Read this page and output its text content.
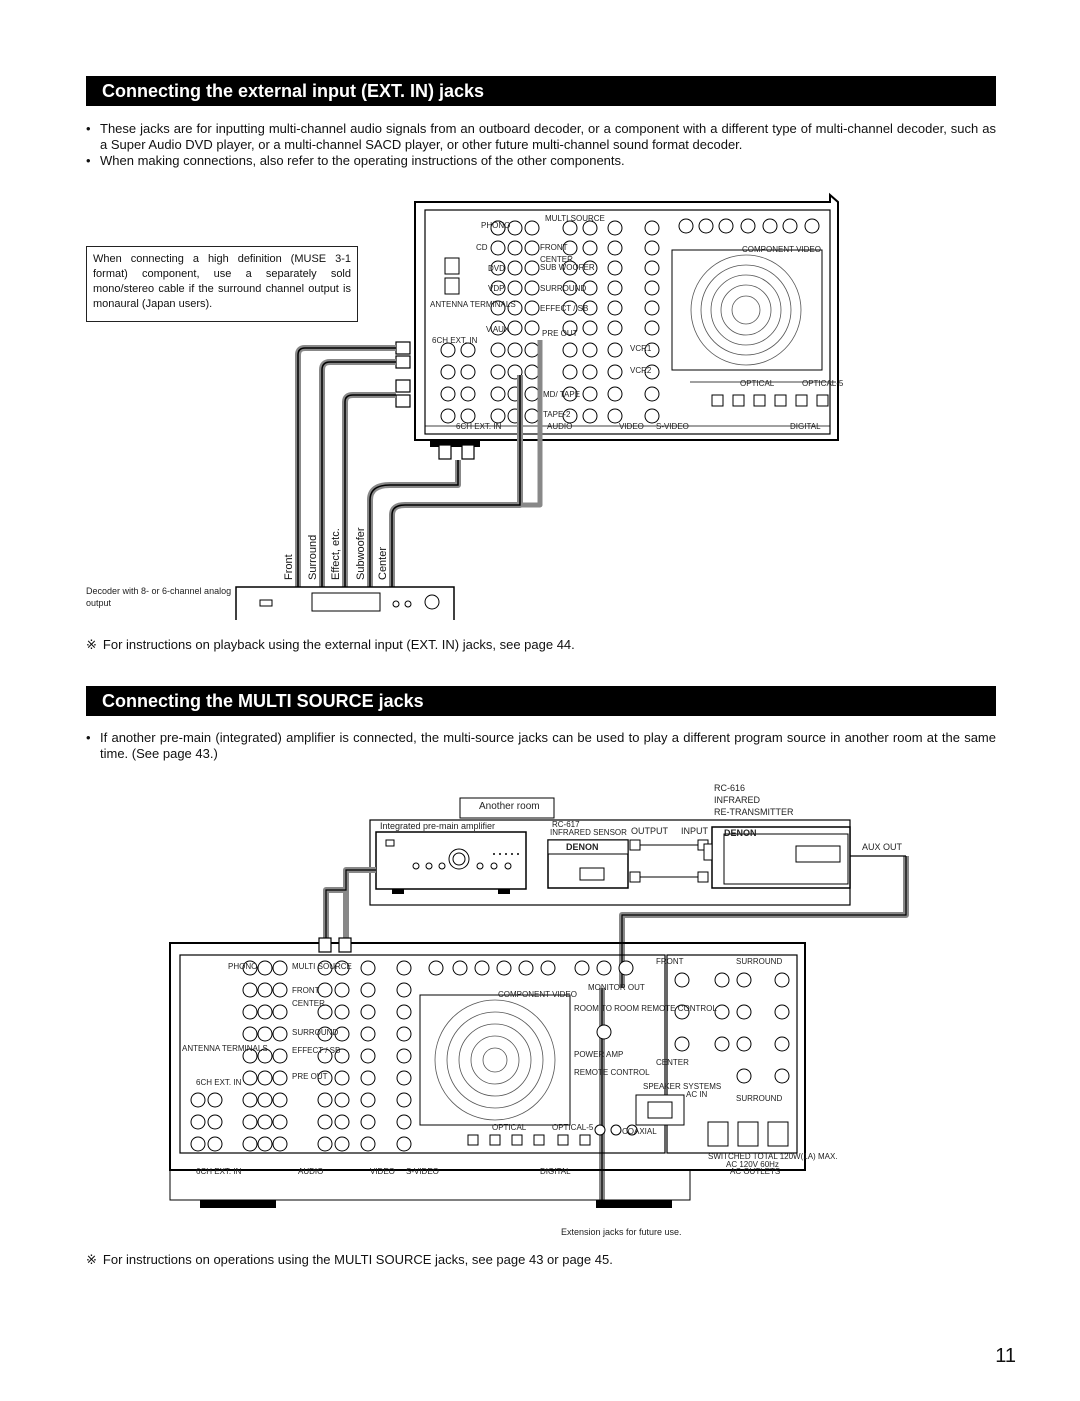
Connecting the external input (EXT. IN) jacks
• These jacks are for inputting multi-channel audio signals from an outboard decoder, or a component with a different type of multi-channel decoder, such as a Super Audio DVD player, or a multi-channel SACD player, or other future multi-channel sound format decoder.
• When making connections, also refer to the operating instructions of the other components.
When connecting a high definition (MUSE 3-1 format) component, use a separately sold mono/stereo cable if the surround channel output is monaural (Japan users).
PHONO
MULTI SOURCE
FRONT
CD
CENTER
SUB WOOFER
DVD
VDP	SURROUND
ANTENNA TERMINALS	EFFECT / SB
V.AUX	PRE OUT
6CH EXT. IN
6CH EXT. IN	AUDIO	VIDEO S-VIDEO	DIGITAL
COMPONENT VIDEO
OPTICAL	OPTICAL-5
VCR1
VCR2
MD/ TAPE
TAPE-2
Front Surround Effect, etc. Subwoofer Center
Decoder with 8- or 6-channel analog output
※ For instructions on playback using the external input (EXT. IN) jacks, see page 44.
Connecting the MULTI SOURCE jacks
• If another pre-main (integrated) amplifier is connected, the multi-source jacks can be used to play a different program source in another room at the same time. (See page 43.)
Another room
Integrated pre-main amplifier	RC-617
INFRARED SENSOR OUTPUT INPUT
RC-616
INFRARED
RE-TRANSMITTER
AUX OUT
DENON
DENON
PHONO	MULTI SOURCE
FRONT
CENTER
SURROUND
ANTENNA TERMINALS	EFFECT / SB
PRE OUT
6CH EXT. IN
6CH EXT. IN	AUDIO	VIDEO S-VIDEO	DIGITAL
COMPONENT VIDEO
MONITOR OUT
ROOM TO ROOM REMOTE CONTROL
POWER AMP
REMOTE CONTROL
OPTICAL	OPTICAL-5	COAXIAL
FRONT	SURROUND
CENTER
SPEAKER SYSTEMS
AC IN	SURROUND
SWITCHED TOTAL 120W(1A) MAX.
AC 120V 60Hz
AC OUTLETS
Extension jacks for future use.
※ For instructions on operations using the MULTI SOURCE jacks, see page 43 or page 45.
11
